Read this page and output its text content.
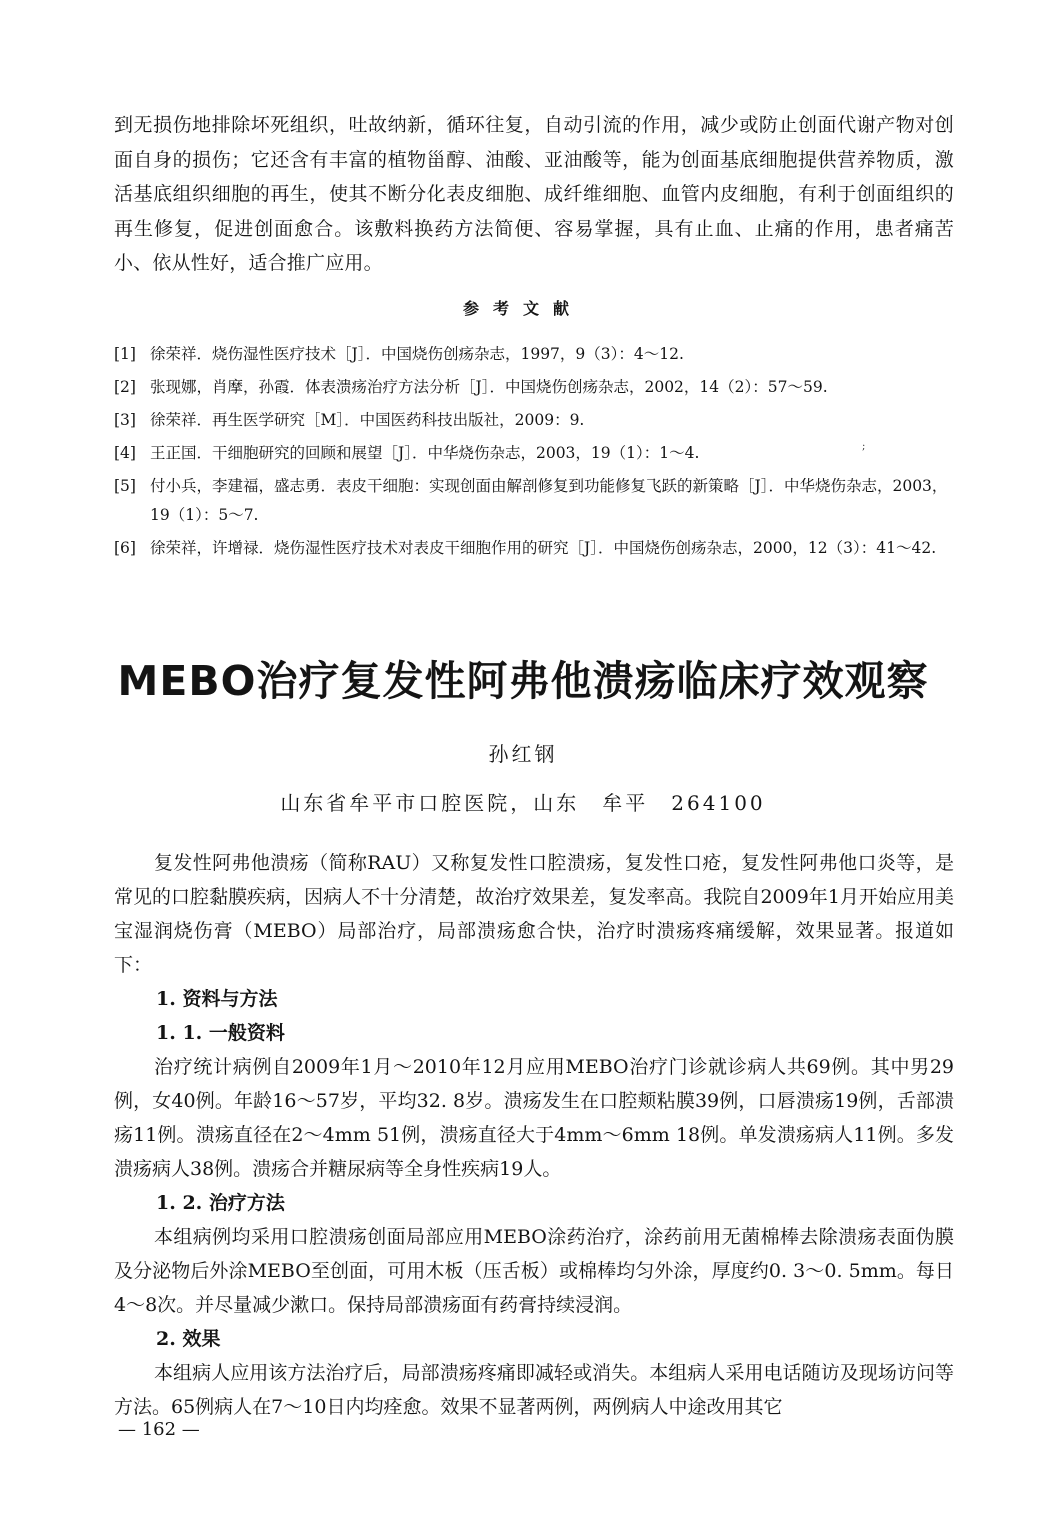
到无损伤地排除坏死组织，吐故纳新，循环往复，自动引流的作用，减少或防止创面代谢产物对创面自身的损伤；它还含有丰富的植物甾醇、油酸、亚油酸等，能为创面基底细胞提供营养物质，激活基底组织细胞的再生，使其不断分化表皮细胞、成纤维细胞、血管内皮细胞，有利于创面组织的再生修复，促进创面愈合。该敷料换药方法简便、容易掌握，具有止血、止痛的作用，患者痛苦小、依从性好，适合推广应用。

参考文献
[1] 徐荣祥．烧伤湿性医疗技术［J］．中国烧伤创疡杂志，1997，9（3）：4～12.
[2] 张现娜，肖摩，孙霞．体表溃疡治疗方法分析［J］．中国烧伤创疡杂志，2002，14（2）：57～59.
[3] 徐荣祥．再生医学研究［M］．中国医药科技出版社，2009：9.
[4] 王正国．干细胞研究的回顾和展望［J］．中华烧伤杂志，2003，19（1）：1～4.
[5] 付小兵，李建福，盛志勇．表皮干细胞：实现创面由解剖修复到功能修复飞跃的新策略［J］．中华烧伤杂志，2003，19（1）：5～7.
[6] 徐荣祥，许增禄．烧伤湿性医疗技术对表皮干细胞作用的研究［J］．中国烧伤创疡杂志，2000，12（3）：41～42.
;
MEBO治疗复发性阿弗他溃疡临床疗效观察

孙红钢

山东省牟平市口腔医院，山东　牟平　264100

复发性阿弗他溃疡（简称RAU）又称复发性口腔溃疡，复发性口疮，复发性阿弗他口炎等，是常见的口腔黏膜疾病，因病人不十分清楚，故治疗效果差，复发率高。我院自2009年1月开始应用美宝湿润烧伤膏（MEBO）局部治疗，局部溃疡愈合快，治疗时溃疡疼痛缓解，效果显著。报道如下：

1. 资料与方法

1. 1. 一般资料

治疗统计病例自2009年1月～2010年12月应用MEBO治疗门诊就诊病人共69例。其中男29例，女40例。年龄16～57岁，平均32. 8岁。溃疡发生在口腔颊粘膜39例，口唇溃疡19例，舌部溃疡11例。溃疡直径在2～4mm 51例，溃疡直径大于4mm～6mm 18例。单发溃疡病人11例。多发溃疡病人38例。溃疡合并糖尿病等全身性疾病19人。

1. 2. 治疗方法

本组病例均采用口腔溃疡创面局部应用MEBO涂药治疗，涂药前用无菌棉棒去除溃疡表面伪膜及分泌物后外涂MEBO至创面，可用木板（压舌板）或棉棒均匀外涂，厚度约0. 3～0. 5mm。每日4～8次。并尽量减少漱口。保持局部溃疡面有药膏持续浸润。

2. 效果

本组病人应用该方法治疗后，局部溃疡疼痛即减轻或消失。本组病人采用电话随访及现场访问等方法。65例病人在7～10日内均痊愈。效果不显著两例，两例病人中途改用其它

— 162 —
